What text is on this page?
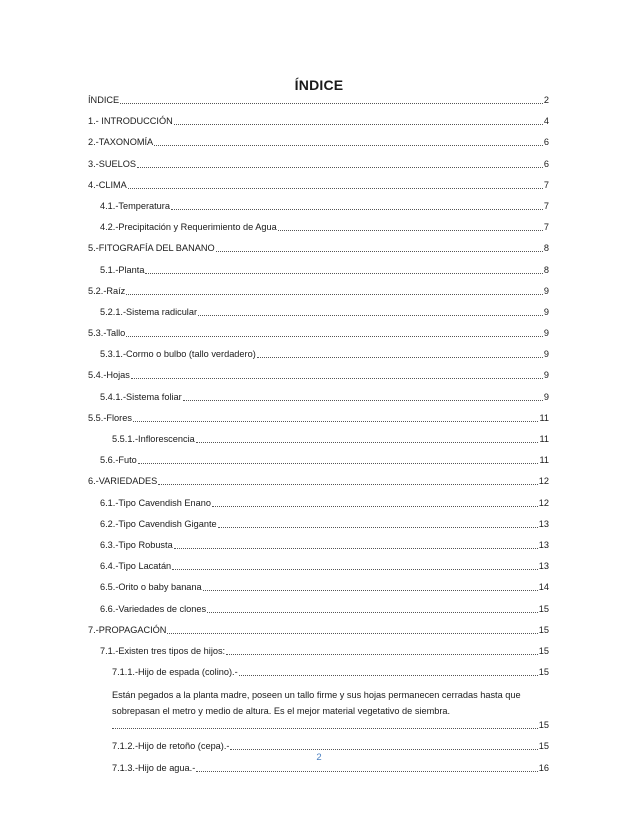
ÍNDICE
ÍNDICE	2
1.- INTRODUCCIÓN	4
2.-TAXONOMÍA	6
3.-SUELOS	6
4.-CLIMA	7
4.1.-Temperatura	7
4.2.-Precipitación y Requerimiento de Agua	7
5.-FITOGRAFÍA DEL BANANO	8
5.1.-Planta	8
5.2.-Raíz	9
5.2.1.-Sistema radicular	9
5.3.-Tallo	9
5.3.1.-Cormo o bulbo (tallo verdadero)	9
5.4.-Hojas	9
5.4.1.-Sistema foliar	9
5.5.-Flores	11
5.5.1.-Inflorescencia	11
5.6.-Futo	11
6.-VARIEDADES	12
6.1.-Tipo Cavendish Enano	12
6.2.-Tipo Cavendish Gigante	13
6.3.-Tipo Robusta	13
6.4.-Tipo Lacatán	13
6.5.-Orito o baby banana	14
6.6.-Variedades de clones	15
7.-PROPAGACIÓN	15
7.1.-Existen tres tipos de hijos:	15
7.1.1.-Hijo de espada (colino).-	15
Están pegados a la planta madre, poseen un tallo firme y sus hojas permanecen cerradas hasta que sobrepasan el metro y medio de altura. Es el mejor material vegetativo de siembra.
15
7.1.2.-Hijo de retoño (cepa).-	15
7.1.3.-Hijo de agua.-	16
2
